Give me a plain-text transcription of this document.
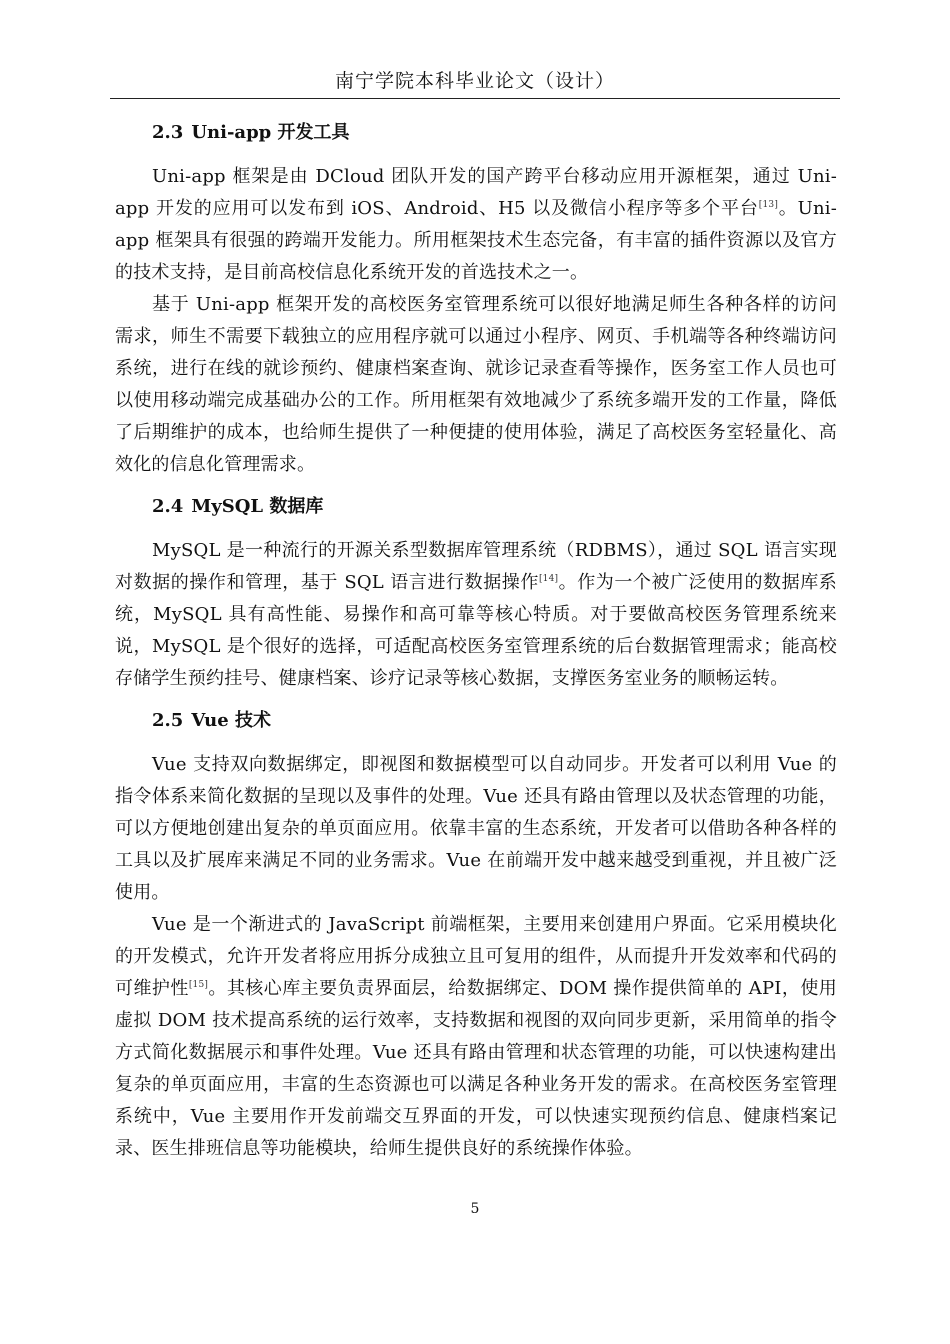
南宁学院本科毕业论文（设计）
2.3 Uni-app 开发工具

Uni-app 框架是由 DCloud 团队开发的国产跨平台移动应用开源框架，通过 Uni-app 开发的应用可以发布到 iOS、Android、H5 以及微信小程序等多个平台[13]。Uni-app 框架具有很强的跨端开发能力。所用框架技术生态完备，有丰富的插件资源以及官方的技术支持，是目前高校信息化系统开发的首选技术之一。

基于 Uni-app 框架开发的高校医务室管理系统可以很好地满足师生各种各样的访问需求，师生不需要下载独立的应用程序就可以通过小程序、网页、手机端等各种终端访问系统，进行在线的就诊预约、健康档案查询、就诊记录查看等操作，医务室工作人员也可以使用移动端完成基础办公的工作。所用框架有效地减少了系统多端开发的工作量，降低了后期维护的成本，也给师生提供了一种便捷的使用体验，满足了高校医务室轻量化、高效化的信息化管理需求。

2.4 MySQL 数据库

MySQL 是一种流行的开源关系型数据库管理系统（RDBMS），通过 SQL 语言实现对数据的操作和管理，基于 SQL 语言进行数据操作[14]。作为一个被广泛使用的数据库系统，MySQL 具有高性能、易操作和高可靠等核心特质。对于要做高校医务管理系统来说，MySQL 是个很好的选择，可适配高校医务室管理系统的后台数据管理需求；能高校存储学生预约挂号、健康档案、诊疗记录等核心数据，支撑医务室业务的顺畅运转。

2.5 Vue 技术

Vue 支持双向数据绑定，即视图和数据模型可以自动同步。开发者可以利用 Vue 的指令体系来简化数据的呈现以及事件的处理。Vue 还具有路由管理以及状态管理的功能，可以方便地创建出复杂的单页面应用。依靠丰富的生态系统，开发者可以借助各种各样的工具以及扩展库来满足不同的业务需求。Vue 在前端开发中越来越受到重视，并且被广泛使用。

Vue 是一个渐进式的 JavaScript 前端框架，主要用来创建用户界面。它采用模块化的开发模式，允许开发者将应用拆分成独立且可复用的组件，从而提升开发效率和代码的可维护性[15]。其核心库主要负责界面层，给数据绑定、DOM 操作提供简单的 API，使用虚拟 DOM 技术提高系统的运行效率，支持数据和视图的双向同步更新，采用简单的指令方式简化数据展示和事件处理。Vue 还具有路由管理和状态管理的功能，可以快速构建出复杂的单页面应用，丰富的生态资源也可以满足各种业务开发的需求。在高校医务室管理系统中，Vue 主要用作开发前端交互界面的开发，可以快速实现预约信息、健康档案记录、医生排班信息等功能模块，给师生提供良好的系统操作体验。

5
